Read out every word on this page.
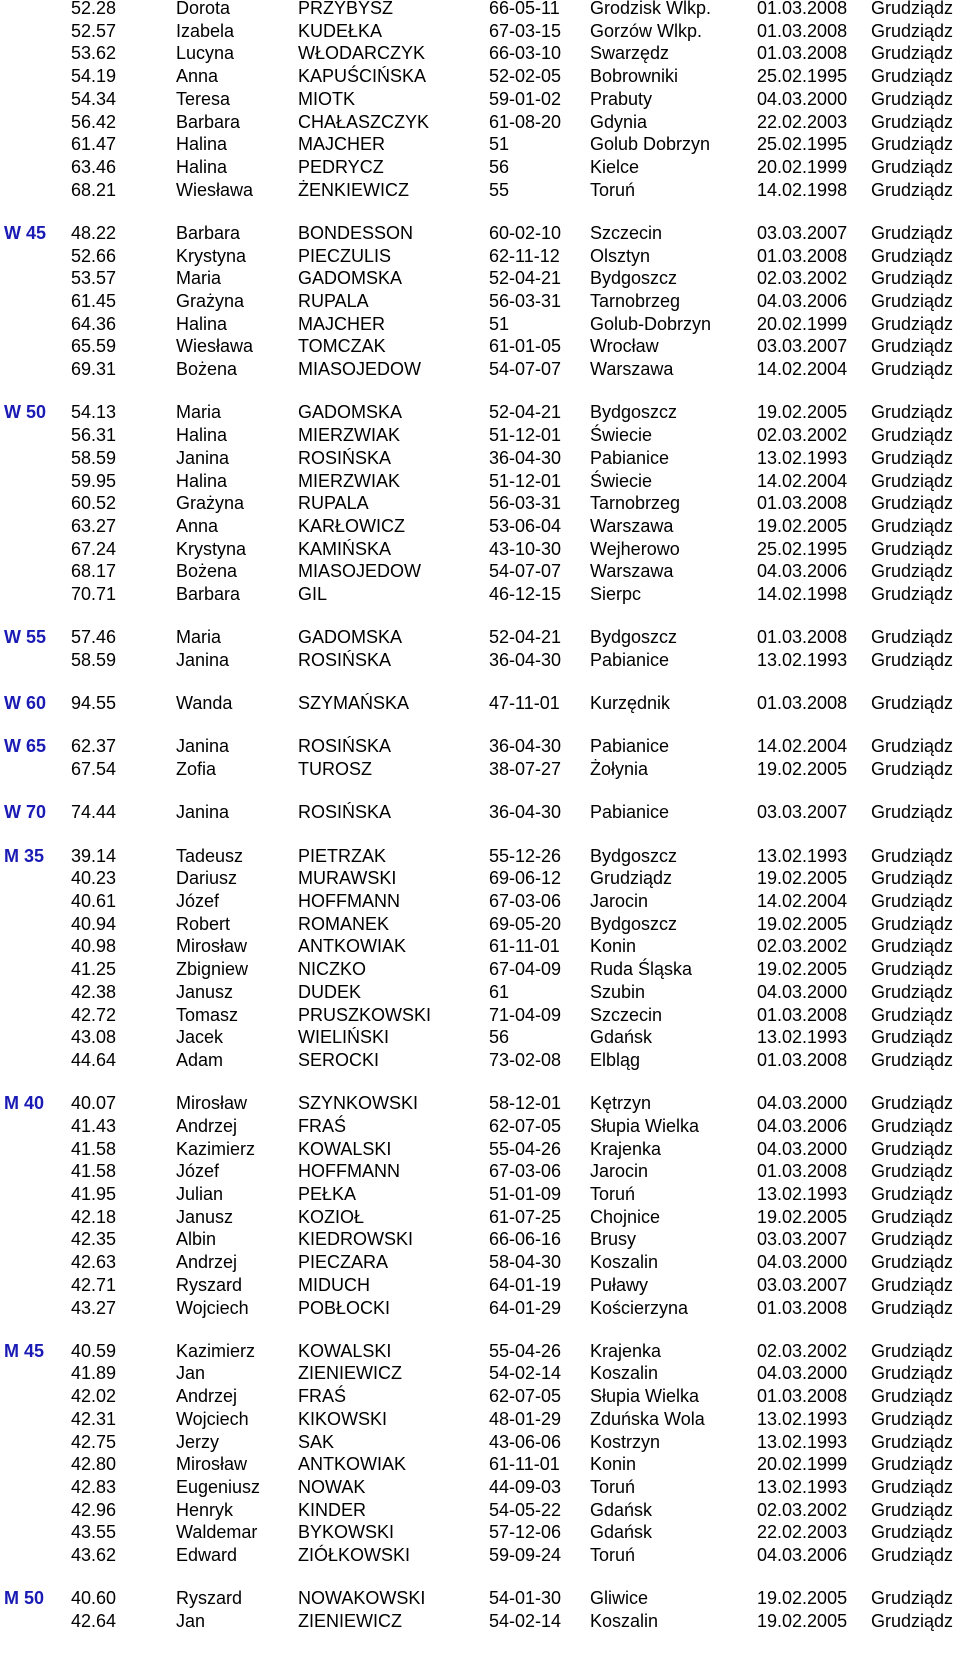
52.28	Dorota	PRZYBYSZ	66-05-11 Grodzisk Wlkp.	01.03.2008 Grudziądz
52.57	Izabela	KUDEŁKA	67-03-15 Gorzów Wlkp.	01.03.2008 Grudziądz
53.62	Lucyna	WŁODARCZYK	66-03-10 Swarzędz	01.03.2008 Grudziądz
54.19	Anna	KAPUŚCIŃSKA	52-02-05 Bobrowniki	25.02.1995 Grudziądz
54.34	Teresa	MIOTK	59-01-02 Prabuty	04.03.2000 Grudziądz
56.42	Barbara	CHAŁASZCZYK	61-08-20 Gdynia	22.02.2003 Grudziądz
61.47	Halina	MAJCHER	51	Golub Dobrzyn	25.02.1995 Grudziądz
63.46	Halina	PEDRYCZ	56	Kielce	20.02.1999 Grudziądz
68.21	Wiesława ŻENKIEWICZ	55	Toruń	14.02.1998 Grudziądz
W 45 48.22	Barbara	BONDESSON	60-02-10 Szczecin	03.03.2007 Grudziądz
52.66	Krystyna	PIECZULIS	62-11-12 Olsztyn	01.03.2008 Grudziądz
53.57	Maria	GADOMSKA	52-04-21 Bydgoszcz	02.03.2002 Grudziądz
61.45	Grażyna	RUPALA	56-03-31 Tarnobrzeg	04.03.2006 Grudziądz
64.36	Halina	MAJCHER	51	Golub-Dobrzyn	20.02.1999 Grudziądz
65.59	Wiesława TOMCZAK	61-01-05 Wrocław	03.03.2007 Grudziądz
69.31	Bożena	MIASOJEDOW	54-07-07 Warszawa	14.02.2004 Grudziądz
W 50 54.13	Maria	GADOMSKA	52-04-21 Bydgoszcz	19.02.2005 Grudziądz
56.31	Halina	MIERZWIAK	51-12-01 Świecie	02.03.2002 Grudziądz
58.59	Janina	ROSIŃSKA	36-04-30 Pabianice	13.02.1993 Grudziądz
59.95	Halina	MIERZWIAK	51-12-01 Świecie	14.02.2004 Grudziądz
60.52	Grażyna	RUPALA	56-03-31 Tarnobrzeg	01.03.2008 Grudziądz
63.27	Anna	KARŁOWICZ	53-06-04 Warszawa	19.02.2005 Grudziądz
67.24	Krystyna	KAMIŃSKA	43-10-30 Wejherowo	25.02.1995 Grudziądz
68.17	Bożena	MIASOJEDOW	54-07-07 Warszawa	04.03.2006 Grudziądz
70.71	Barbara	GIL	46-12-15 Sierpc	14.02.1998 Grudziądz
W 55 57.46	Maria	GADOMSKA	52-04-21 Bydgoszcz	01.03.2008 Grudziądz
58.59	Janina	ROSIŃSKA	36-04-30 Pabianice	13.02.1993 Grudziądz
W 60 94.55	Wanda	SZYMAŃSKA	47-11-01 Kurzędnik	01.03.2008 Grudziądz
W 65 62.37	Janina	ROSIŃSKA	36-04-30 Pabianice	14.02.2004 Grudziądz
67.54	Zofia	TUROSZ	38-07-27 Żołynia	19.02.2005 Grudziądz
W 70 74.44	Janina	ROSIŃSKA	36-04-30 Pabianice	03.03.2007 Grudziądz
M 35 39.14	Tadeusz	PIETRZAK	55-12-26 Bydgoszcz	13.02.1993 Grudziądz
40.23	Dariusz	MURAWSKI	69-06-12 Grudziądz	19.02.2005 Grudziądz
40.61	Józef	HOFFMANN	67-03-06 Jarocin	14.02.2004 Grudziądz
40.94	Robert	ROMANEK	69-05-20 Bydgoszcz	19.02.2005 Grudziądz
40.98	Mirosław	ANTKOWIAK	61-11-01 Konin	02.03.2002 Grudziądz
41.25	Zbigniew	NICZKO	67-04-09 Ruda Śląska	19.02.2005 Grudziądz
42.38	Janusz	DUDEK	61	Szubin	04.03.2000 Grudziądz
42.72	Tomasz	PRUSZKOWSKI	71-04-09 Szczecin	01.03.2008 Grudziądz
43.08	Jacek	WIELIŃSKI	56	Gdańsk	13.02.1993 Grudziądz
44.64	Adam	SEROCKI	73-02-08 Elbląg	01.03.2008 Grudziądz
M 40 40.07	Mirosław	SZYNKOWSKI	58-12-01 Kętrzyn	04.03.2000 Grudziądz
41.43	Andrzej	FRAŚ	62-07-05 Słupia Wielka	04.03.2006 Grudziądz
41.58	Kazimierz KOWALSKI	55-04-26 Krajenka	04.03.2000 Grudziądz
41.58	Józef	HOFFMANN	67-03-06 Jarocin	01.03.2008 Grudziądz
41.95	Julian	PEŁKA	51-01-09 Toruń	13.02.1993 Grudziądz
42.18	Janusz	KOZIOŁ	61-07-25 Chojnice	19.02.2005 Grudziądz
42.35	Albin	KIEDROWSKI	66-06-16 Brusy	03.03.2007 Grudziądz
42.63	Andrzej	PIECZARA	58-04-30 Koszalin	04.03.2000 Grudziądz
42.71	Ryszard	MIDUCH	64-01-19 Puławy	03.03.2007 Grudziądz
43.27	Wojciech	POBŁOCKI	64-01-29 Kościerzyna	01.03.2008 Grudziądz
M 45 40.59	Kazimierz KOWALSKI	55-04-26 Krajenka	02.03.2002 Grudziądz
41.89	Jan	ZIENIEWICZ	54-02-14 Koszalin	04.03.2000 Grudziądz
42.02	Andrzej	FRAŚ	62-07-05 Słupia Wielka	01.03.2008 Grudziądz
42.31	Wojciech	KIKOWSKI	48-01-29 Zduńska Wola	13.02.1993 Grudziądz
42.75	Jerzy	SAK	43-06-06 Kostrzyn	13.02.1993 Grudziądz
42.80	Mirosław	ANTKOWIAK	61-11-01 Konin	20.02.1999 Grudziądz
42.83	Eugeniusz NOWAK	44-09-03 Toruń	13.02.1993 Grudziądz
42.96	Henryk	KINDER	54-05-22 Gdańsk	02.03.2002 Grudziądz
43.55	Waldemar BYKOWSKI	57-12-06 Gdańsk	22.02.2003 Grudziądz
43.62	Edward	ZIÓŁKOWSKI	59-09-24 Toruń	04.03.2006 Grudziądz
M 50 40.60	Ryszard	NOWAKOWSKI	54-01-30 Gliwice	19.02.2005 Grudziądz
42.64	Jan	ZIENIEWICZ	54-02-14 Koszalin	19.02.2005 Grudziądz
